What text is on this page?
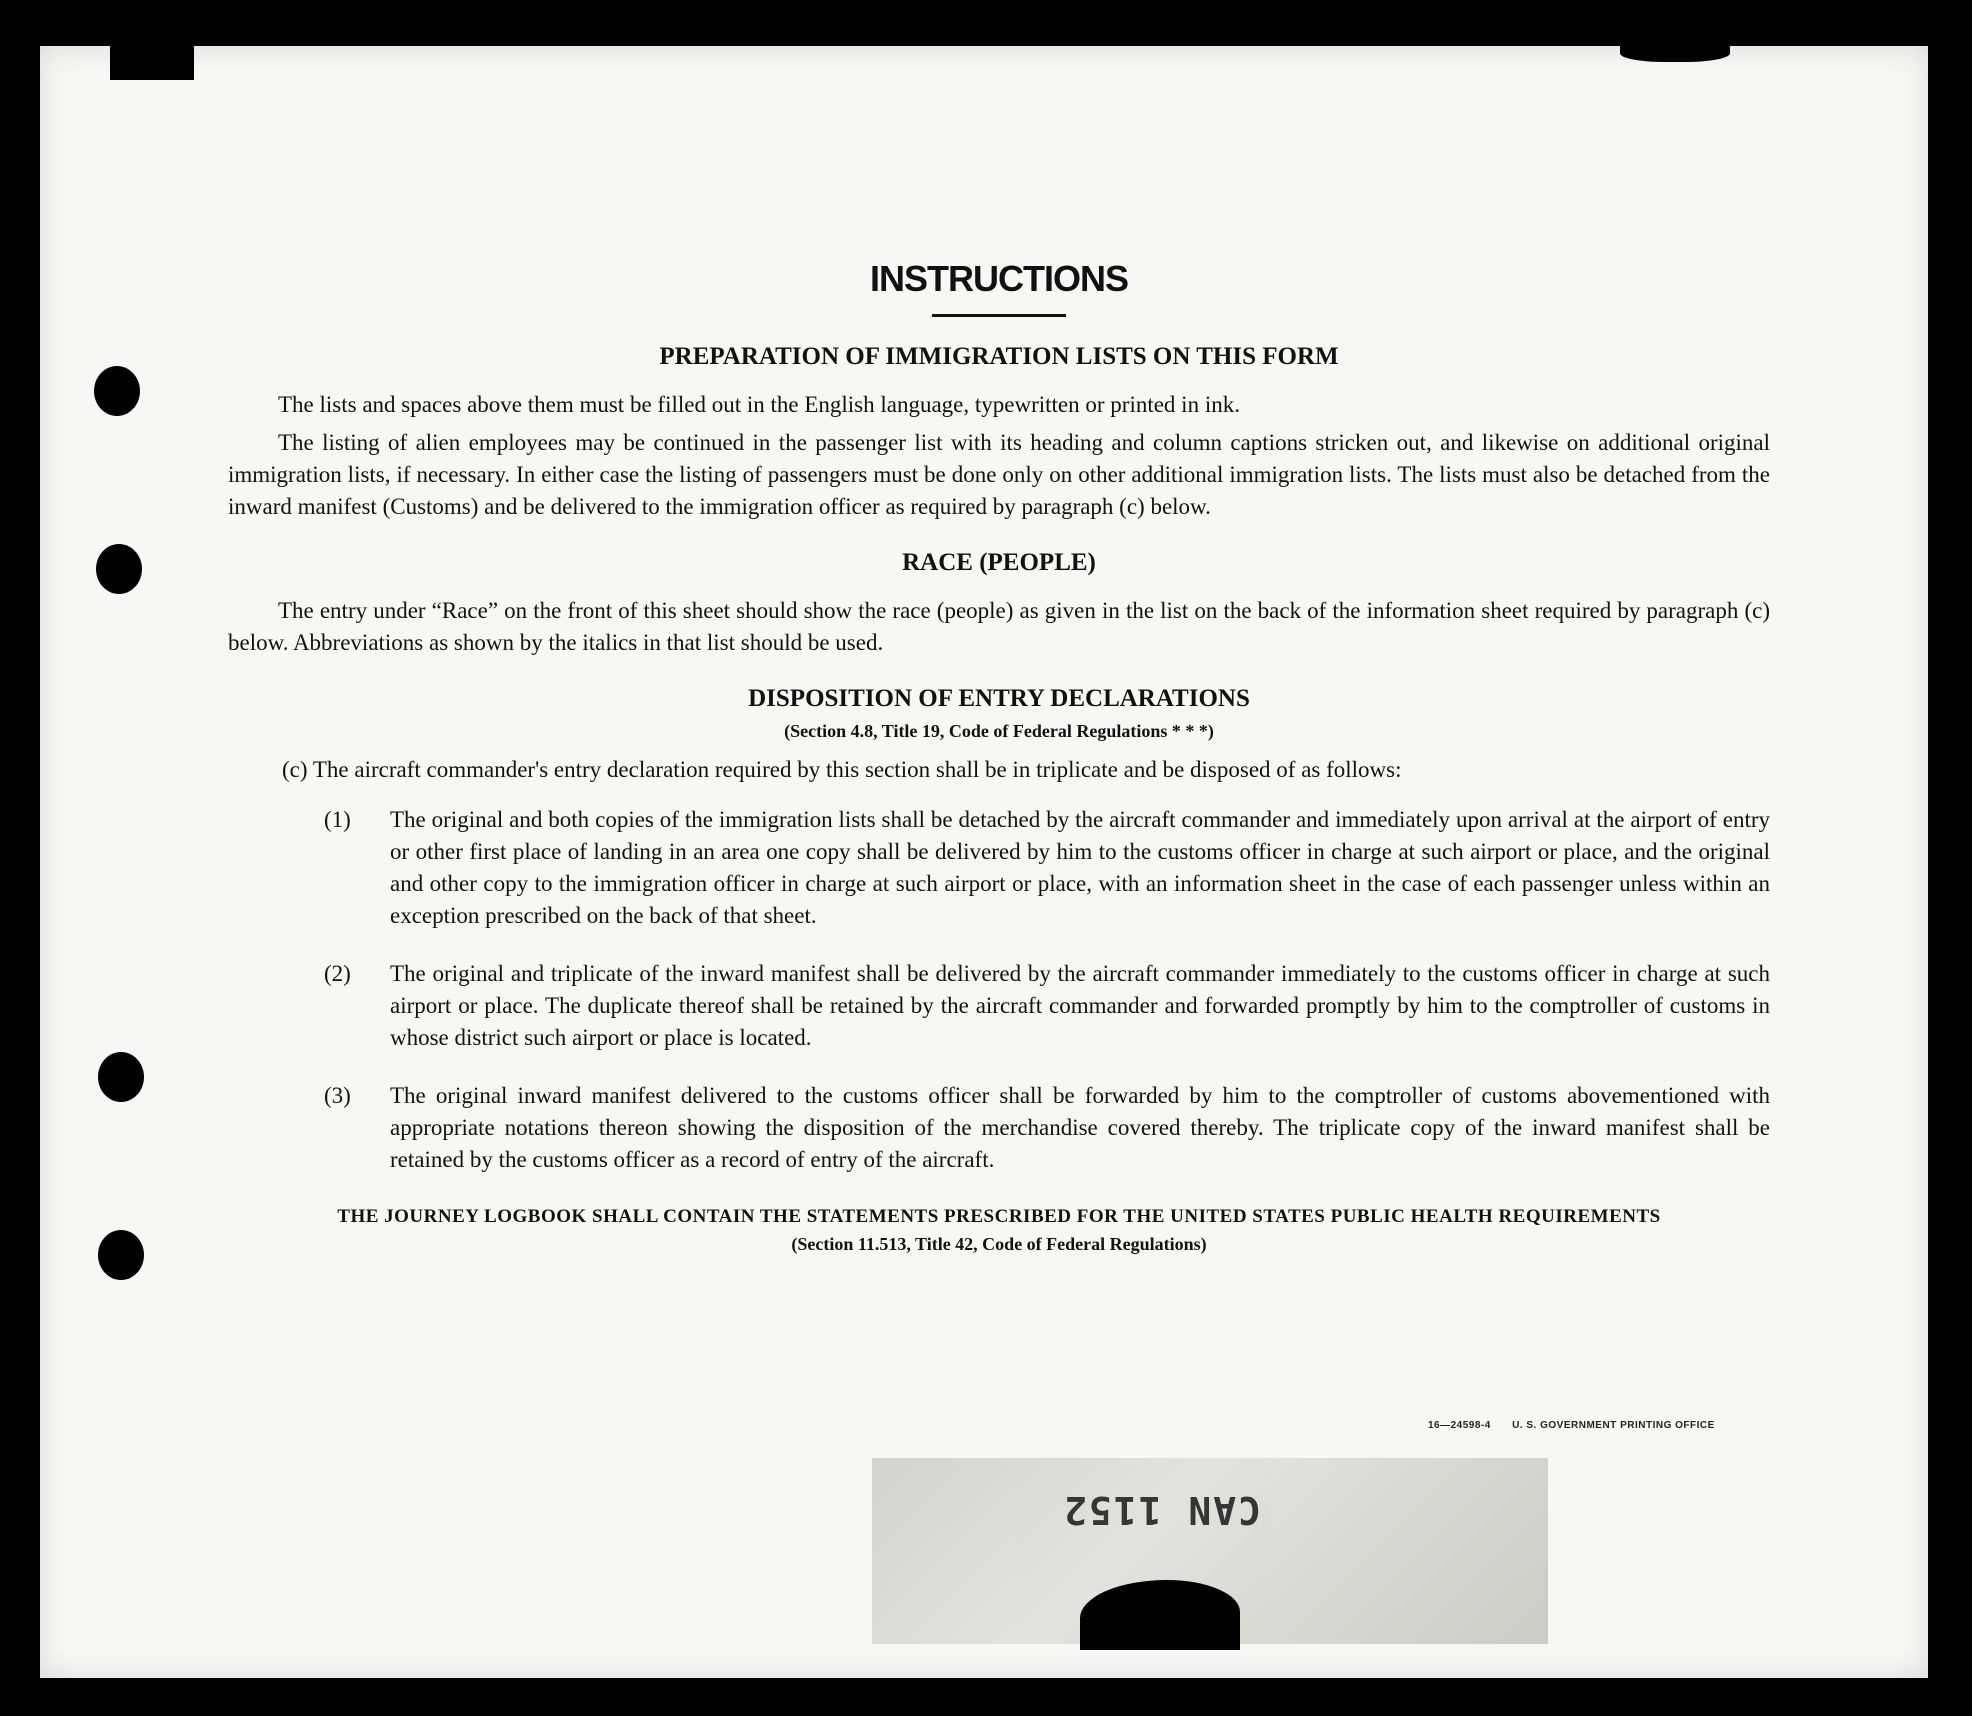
INSTRUCTIONS
PREPARATION OF IMMIGRATION LISTS ON THIS FORM

The lists and spaces above them must be filled out in the English language, typewritten or printed in ink.

The listing of alien employees may be continued in the passenger list with its heading and column captions stricken out, and likewise on additional original immigration lists, if necessary. In either case the listing of passengers must be done only on other additional immigration lists. The lists must also be detached from the inward manifest (Customs) and be delivered to the immigration officer as required by paragraph (c) below.

RACE (PEOPLE)

The entry under “Race” on the front of this sheet should show the race (people) as given in the list on the back of the information sheet required by paragraph (c) below. Abbreviations as shown by the italics in that list should be used.

DISPOSITION OF ENTRY DECLARATIONS
(Section 4.8, Title 19, Code of Federal Regulations * * *)

(c) The aircraft commander's entry declaration required by this section shall be in triplicate and be disposed of as follows:

(1) The original and both copies of the immigration lists shall be detached by the aircraft commander and immediately upon arrival at the airport of entry or other first place of landing in an area one copy shall be delivered by him to the customs officer in charge at such airport or place, and the original and other copy to the immigration officer in charge at such airport or place, with an information sheet in the case of each passenger unless within an exception prescribed on the back of that sheet.
(2) The original and triplicate of the inward manifest shall be delivered by the aircraft commander immediately to the customs officer in charge at such airport or place. The duplicate thereof shall be retained by the aircraft commander and forwarded promptly by him to the comptroller of customs in whose district such airport or place is located.
(3) The original inward manifest delivered to the customs officer shall be forwarded by him to the comptroller of customs abovementioned with appropriate notations thereon showing the disposition of the merchandise covered thereby. The triplicate copy of the inward manifest shall be retained by the customs officer as a record of entry of the aircraft.
THE JOURNEY LOGBOOK SHALL CONTAIN THE STATEMENTS PRESCRIBED FOR THE UNITED STATES PUBLIC HEALTH REQUIREMENTS
(Section 11.513, Title 42, Code of Federal Regulations)
16—24598-4 U. S. GOVERNMENT PRINTING OFFICE
CAN 1152
